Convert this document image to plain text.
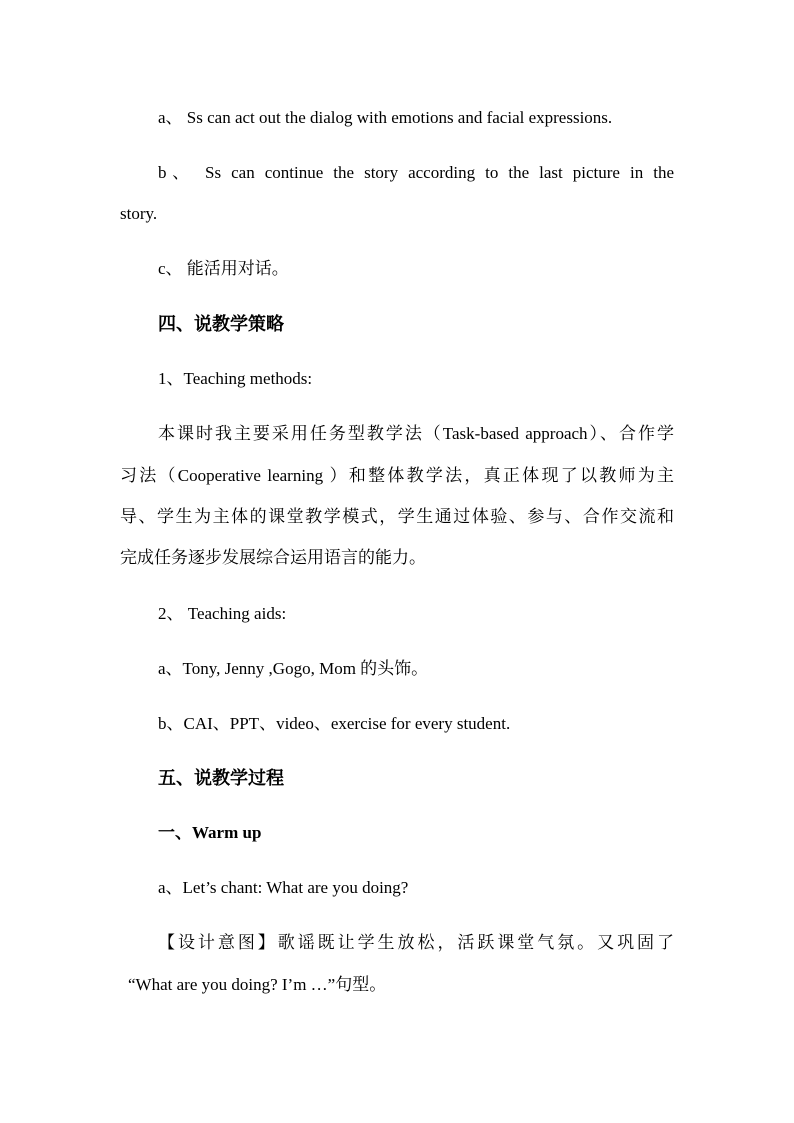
a、 Ss can act out the dialog with emotions and facial expressions.
b、 Ss can continue the story according to the last picture in the
story.
c、 能活用对话。
四、说教学策略
1、Teaching methods:
本课时我主要采用任务型教学法（Task-based approach）、合作学
习法（Cooperative learning ）和整体教学法，真正体现了以教师为主
导、学生为主体的课堂教学模式，学生通过体验、参与、合作交流和
完成任务逐步发展综合运用语言的能力。
2、 Teaching aids:
a、Tony, Jenny ,Gogo, Mom 的头饰。
b、CAI、PPT、video、exercise for every student.
五、说教学过程
一、Warm up
a、Let’s chant: What are you doing?
【设计意图】歌谣既让学生放松，活跃课堂气氛。又巩固了
“What are you doing? I’m …”句型。
